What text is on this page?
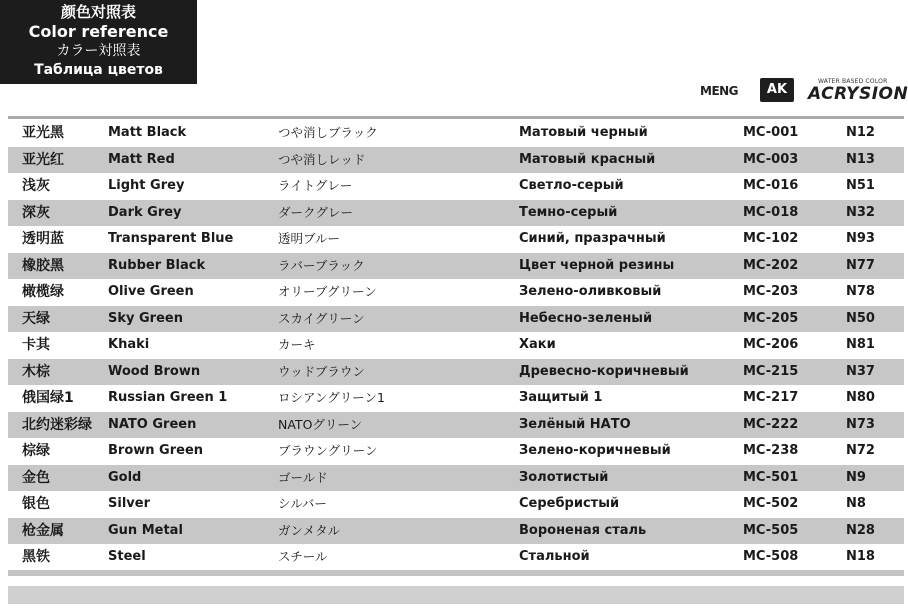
颜色对照表
Color reference
カラー対照表
Таблица цветов
MENG	AK
WATER BASED COLOR
ACRYSION
亚光黑	Matt Black	つや消しブラック	Матовый черный	MC-001	N12
亚光红	Matt Red	つや消しレッド	Матовый красный	MC-003	N13
浅灰	Light Grey	ライトグレー	Светло-серый	MC-016	N51
深灰	Dark Grey	ダークグレー	Темно-серый	MC-018	N32
透明蓝	Transparent Blue	透明ブルー	Синий, празрачный	MC-102	N93
橡胶黑	Rubber Black	ラバーブラック	Цвет черной резины	MC-202	N77
橄榄绿	Olive Green	オリーブグリーン	Зелено-оливковый	MC-203	N78
天绿	Sky Green	スカイグリーン	Небесно-зеленый	MC-205	N50
卡其	Khaki	カーキ	Хаки	MC-206	N81
木棕	Wood Brown	ウッドブラウン	Древесно-коричневый	MC-215	N37
俄国绿1	Russian Green 1	ロシアングリーン1	Защитый 1	MC-217	N80
北约迷彩绿 NATO Green	NATOグリーン	Зелёный НАТО	MC-222	N73
棕绿	Brown Green	ブラウングリーン	Зелено-коричневый	MC-238	N72
金色	Gold	ゴールド	Золотистый	MC-501	N9
银色	Silver	シルバー	Серебристый	MC-502	N8
枪金属	Gun Metal	ガンメタル	Вороненая сталь	MC-505	N28
黑铁	Steel	スチール	Стальной	MC-508	N18
